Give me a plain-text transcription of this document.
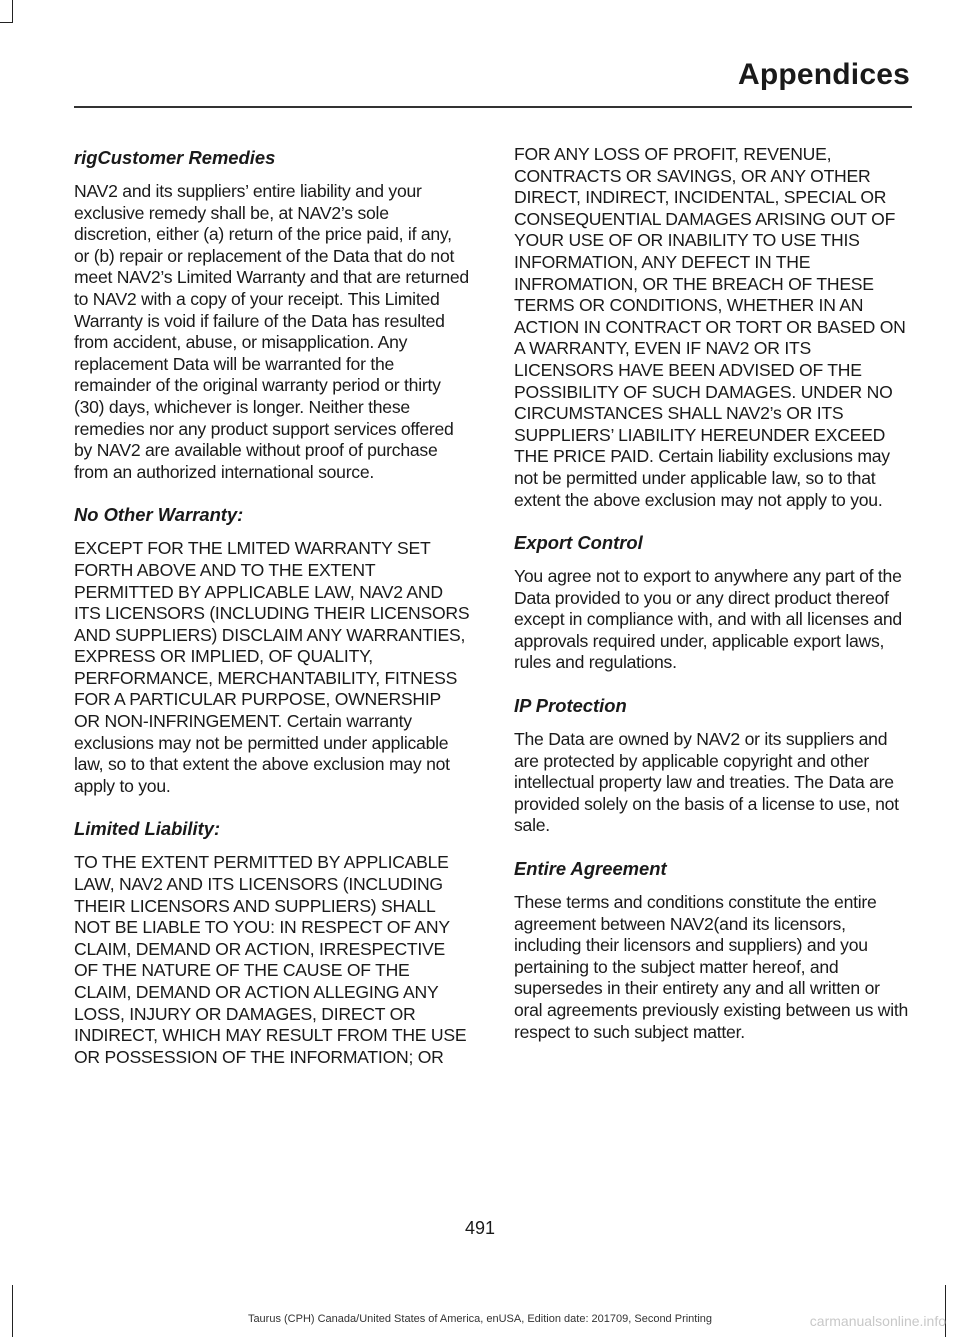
Appendices
rigCustomer Remedies

NAV2 and its suppliers’ entire liability and your exclusive remedy shall be, at NAV2’s sole discretion, either (a) return of the price paid, if any, or (b) repair or replacement of the Data that do not meet NAV2’s Limited Warranty and that are returned to NAV2 with a copy of your receipt. This Limited Warranty is void if failure of the Data has resulted from accident, abuse, or misapplication. Any replacement Data will be warranted for the remainder of the original warranty period or thirty (30) days, whichever is longer. Neither these remedies nor any product support services offered by NAV2 are available without proof of purchase from an authorized international source.

No Other Warranty:

EXCEPT FOR THE LMITED WARRANTY SET FORTH ABOVE AND TO THE EXTENT PERMITTED BY APPLICABLE LAW, NAV2 AND ITS LICENSORS (INCLUDING THEIR LICENSORS AND SUPPLIERS) DISCLAIM ANY WARRANTIES, EXPRESS OR IMPLIED, OF QUALITY, PERFORMANCE, MERCHANTABILITY, FITNESS FOR A PARTICULAR PURPOSE, OWNERSHIP OR NON-INFRINGEMENT. Certain warranty exclusions may not be permitted under applicable law, so to that extent the above exclusion may not apply to you.

Limited Liability:

TO THE EXTENT PERMITTED BY APPLICABLE LAW, NAV2 AND ITS LICENSORS (INCLUDING THEIR LICENSORS AND SUPPLIERS) SHALL NOT BE LIABLE TO YOU: IN RESPECT OF ANY CLAIM, DEMAND OR ACTION, IRRESPECTIVE OF THE NATURE OF THE CAUSE OF THE CLAIM, DEMAND OR ACTION ALLEGING ANY LOSS, INJURY OR DAMAGES, DIRECT OR INDIRECT, WHICH MAY RESULT FROM THE USE OR POSSESSION OF THE INFORMATION; OR

FOR ANY LOSS OF PROFIT, REVENUE, CONTRACTS OR SAVINGS, OR ANY OTHER DIRECT, INDIRECT, INCIDENTAL, SPECIAL OR CONSEQUENTIAL DAMAGES ARISING OUT OF YOUR USE OF OR INABILITY TO USE THIS INFORMATION, ANY DEFECT IN THE INFROMATION, OR THE BREACH OF THESE TERMS OR CONDITIONS, WHETHER IN AN ACTION IN CONTRACT OR TORT OR BASED ON A WARRANTY, EVEN IF NAV2 OR ITS LICENSORS HAVE BEEN ADVISED OF THE POSSIBILITY OF SUCH DAMAGES. UNDER NO CIRCUMSTANCES SHALL NAV2’s OR ITS SUPPLIERS’ LIABILITY HEREUNDER EXCEED THE PRICE PAID. Certain liability exclusions may not be permitted under applicable law, so to that extent the above exclusion may not apply to you.

Export Control

You agree not to export to anywhere any part of the Data provided to you or any direct product thereof except in compliance with, and with all licenses and approvals required under, applicable export laws, rules and regulations.

IP Protection

The Data are owned by NAV2 or its suppliers and are protected by applicable copyright and other intellectual property law and treaties. The Data are provided solely on the basis of a license to use, not sale.

Entire Agreement

These terms and conditions constitute the entire agreement between NAV2(and its licensors, including their licensors and suppliers) and you pertaining to the subject matter hereof, and supersedes in their entirety any and all written or oral agreements previously existing between us with respect to such subject matter.

491
Taurus (CPH) Canada/United States of America, enUSA, Edition date: 201709, Second Printing	carmanualsonline.info
